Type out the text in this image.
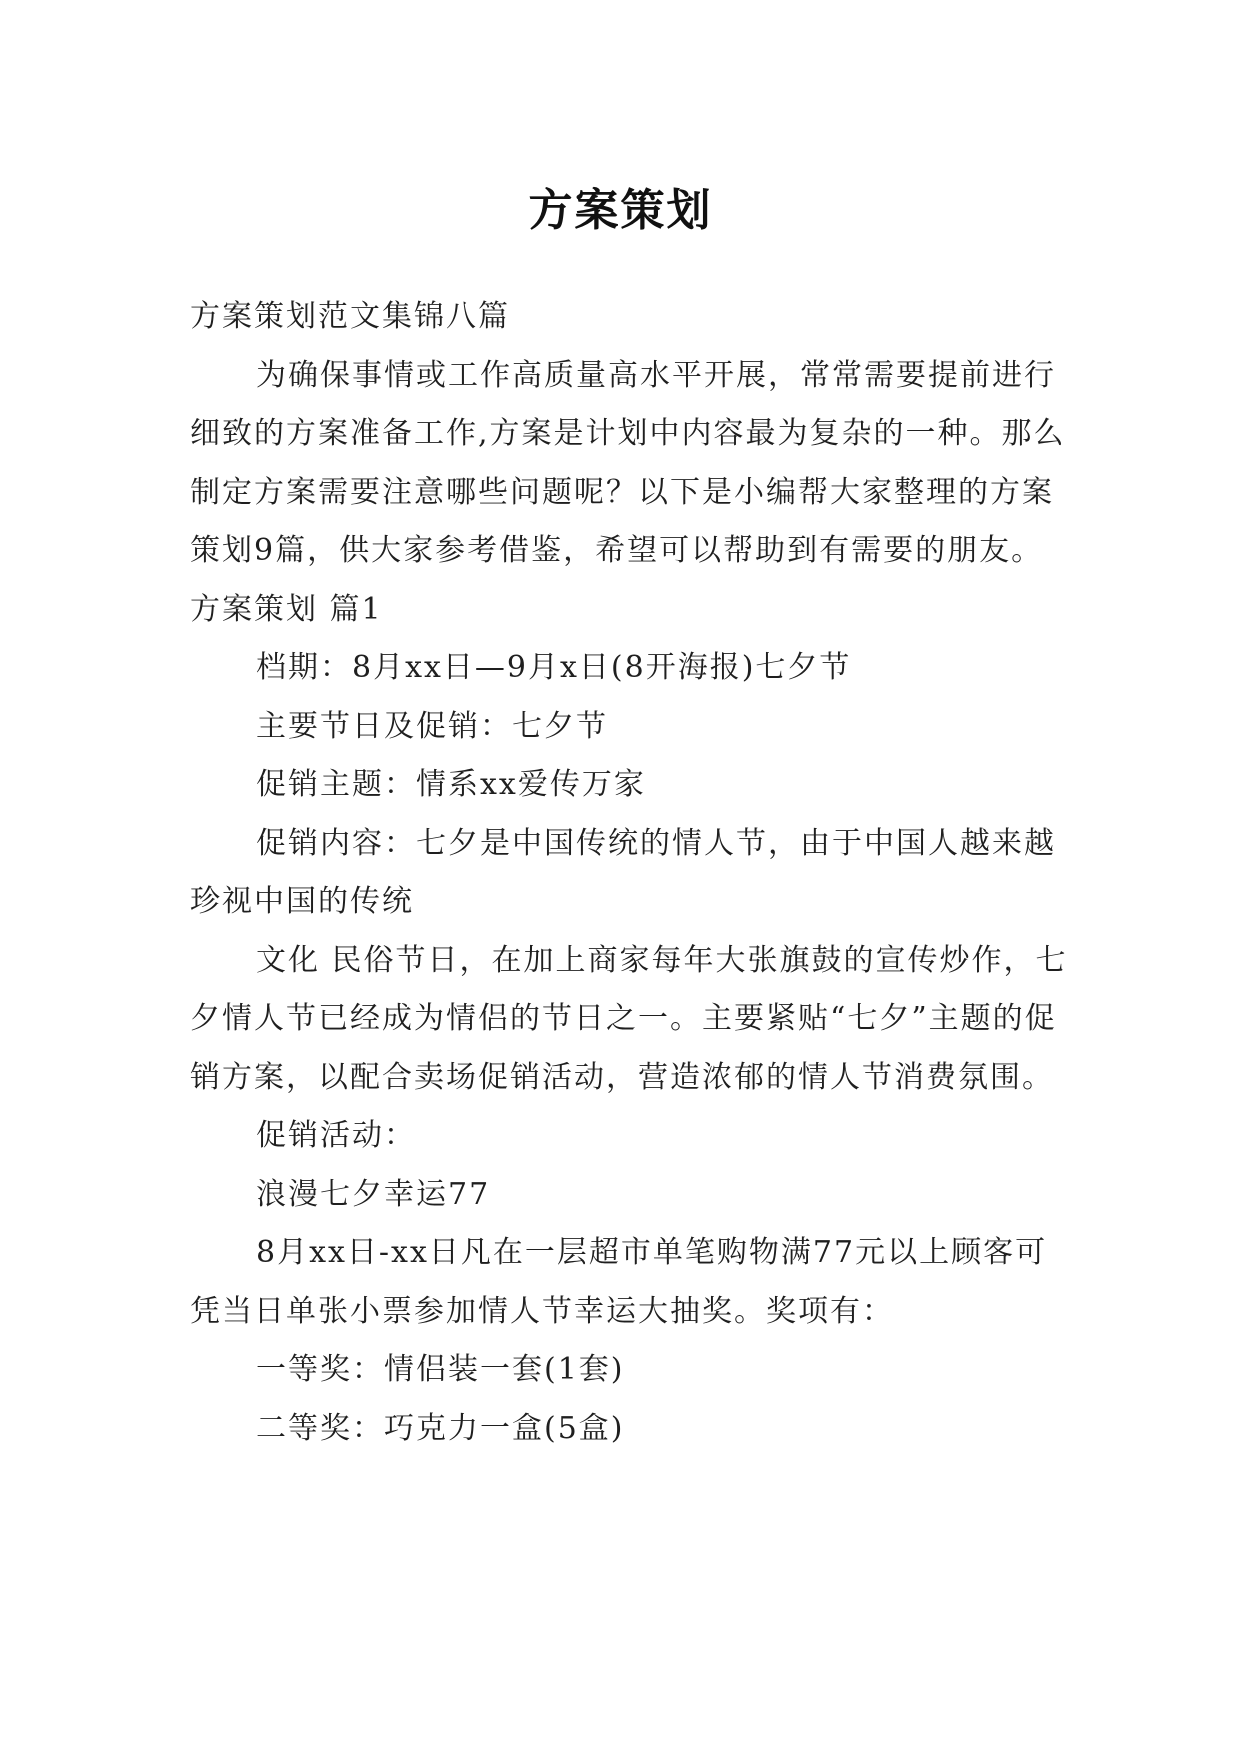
方案策划

方案策划范文集锦八篇

为确保事情或工作高质量高水平开展，常常需要提前进行细致的方案准备工作,方案是计划中内容最为复杂的一种。那么制定方案需要注意哪些问题呢？以下是小编帮大家整理的方案策划9篇，供大家参考借鉴，希望可以帮助到有需要的朋友。

方案策划 篇1

档期：8月xx日—9月x日(8开海报)七夕节

主要节日及促销：七夕节

促销主题：情系xx爱传万家

促销内容：七夕是中国传统的情人节，由于中国人越来越珍视中国的传统

文化 民俗节日，在加上商家每年大张旗鼓的宣传炒作，七夕情人节已经成为情侣的节日之一。主要紧贴“七夕”主题的促销方案，以配合卖场促销活动，营造浓郁的情人节消费氛围。

促销活动：

浪漫七夕幸运77

8月xx日-xx日凡在一层超市单笔购物满77元以上顾客可凭当日单张小票参加情人节幸运大抽奖。奖项有：

一等奖：情侣装一套(1套)

二等奖：巧克力一盒(5盒)
